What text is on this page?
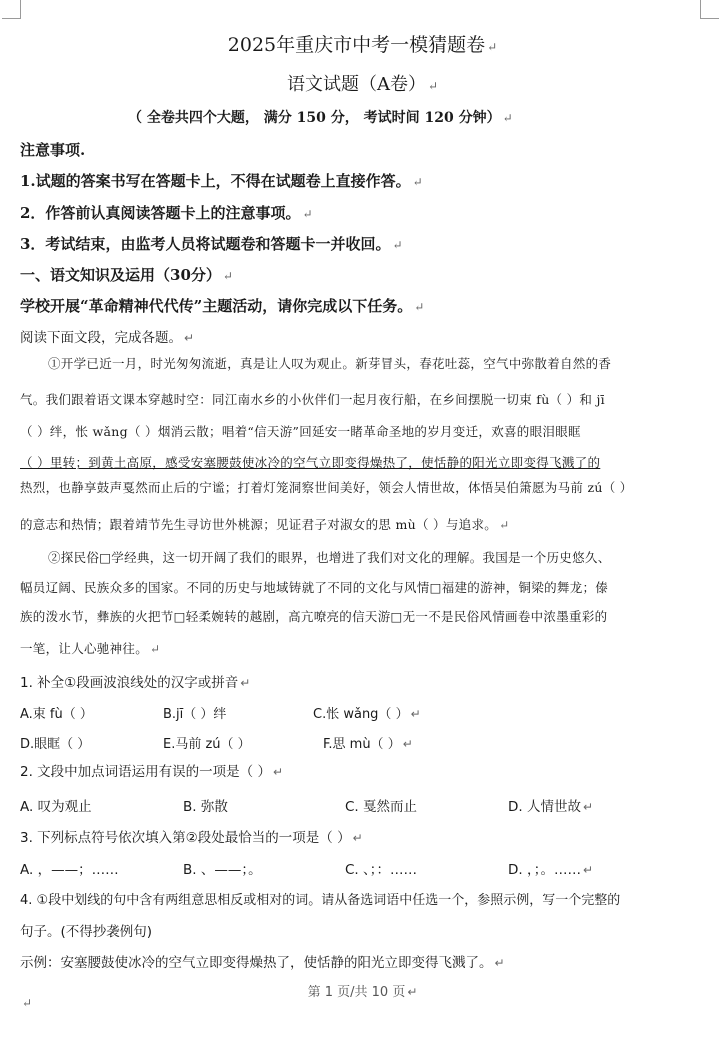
2025年重庆市中考一模猜题卷 ↵
语文试题（A卷） ↵
（ 全卷共四个大题， 满分 150 分， 考试时间 120 分钟） ↵
注意事项.
1.试题的答案书写在答题卡上，不得在试题卷上直接作答。 ↵
2．作答前认真阅读答题卡上的注意事项。 ↵
3．考试结束，由监考人员将试题卷和答题卡一并收回。 ↵
一、语文知识及运用（30分） ↵
学校开展“革命精神代代传”主题活动，请你完成以下任务。 ↵
阅读下面文段，完成各题。 ↵
①开学已近一月，时光匆匆流逝，真是让人叹为观止。新芽冒头，春花吐蕊，空气中弥散着自然的香
气。我们跟着语文课本穿越时空：同江南水乡的小伙伴们一起月夜行船，在乡间摆脱一切束 fù（ ）和 jī
（ ）绊，怅 wǎng（ ）烟消云散；唱着“信天游”回延安一睹革命圣地的岁月变迁，欢喜的眼泪眼眶
（ ）里转；到黄土高原，感受安塞腰鼓使冰冷的空气立即变得燥热了，使恬静的阳光立即变得飞溅了的
热烈，也静享鼓声戛然而止后的宁谧；打着灯笼洞察世间美好，领会人情世故，体悟吴伯箫愿为马前 zú（ ）
的意志和热情；跟着靖节先生寻访世外桃源；见证君子对淑女的思 mù（ ）与追求。 ↵
②探民俗□学经典，这一切开阔了我们的眼界，也增进了我们对文化的理解。我国是一个历史悠久、
幅员辽阔、民族众多的国家。不同的历史与地域铸就了不同的文化与风情□福建的游神，铜梁的舞龙；傣
族的泼水节，彝族的火把节□轻柔婉转的越剧，高亢嘹亮的信天游□无一不是民俗风情画卷中浓墨重彩的
一笔，让人心驰神往。 ↵
1. 补全①段画波浪线处的汉字或拼音 ↵
A.束 fù（ ）	B.jī（ ）绊	C.怅 wǎng（ ） ↵
D.眼眶（ ）	E.马前 zú（ ）	F.思 mù（ ） ↵
2. 文段中加点词语运用有误的一项是（ ） ↵
A. 叹为观止	B. 弥散	C. 戛然而止	D. 人情世故 ↵
3. 下列标点符号依次填入第②段处最恰当的一项是（ ） ↵
A. ，——；……	B. 、——；。	C. 、；：……	D. ，；。…… ↵
4. ①段中划线的句中含有两组意思相反或相对的词。请从备选词语中任选一个，参照示例，写一个完整的
句子。(不得抄袭例句)
示例：安塞腰鼓使冰冷的空气立即变得燥热了，使恬静的阳光立即变得飞溅了。 ↵
第 1 页/共 10 页 ↵
↵
